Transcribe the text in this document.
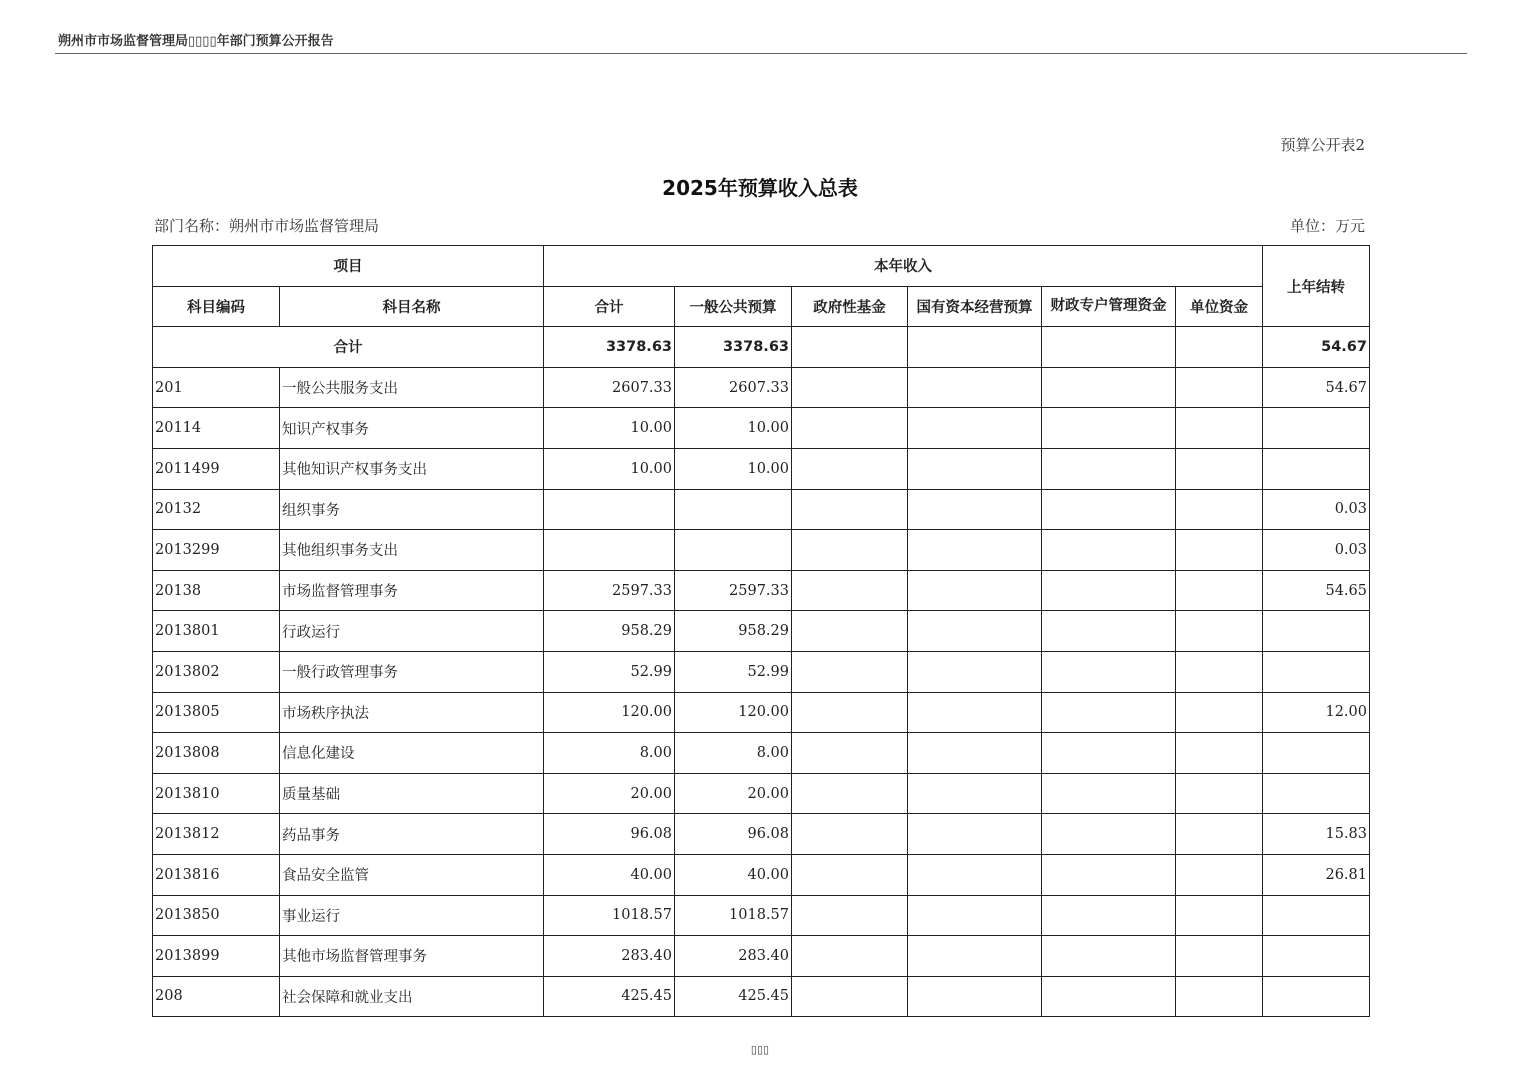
朔州市市场监督管理局▯▯▯▯年部门预算公开报告
预算公开表2
2025年预算收入总表
部门名称：朔州市市场监督管理局	单位：万元
项目		本年收入						上年结转
科目编码	科目名称	合计	一般公共预算	政府性基金	国有资本经营预算	财政专户管理资金	单位资金	
合计		3378.63	3378.63					54.67
201	一般公共服务支出	2607.33	2607.33					54.67
20114	知识产权事务	10.00	10.00					
2011499	其他知识产权事务支出	10.00	10.00					
20132	组织事务							0.03
2013299	其他组织事务支出							0.03
20138	市场监督管理事务	2597.33	2597.33					54.65
2013801	行政运行	958.29	958.29					
2013802	一般行政管理事务	52.99	52.99					
2013805	市场秩序执法	120.00	120.00					12.00
2013808	信息化建设	8.00	8.00					
2013810	质量基础	20.00	20.00					
2013812	药品事务	96.08	96.08					15.83
2013816	食品安全监管	40.00	40.00					26.81
2013850	事业运行	1018.57	1018.57					
2013899	其他市场监督管理事务	283.40	283.40					
208	社会保障和就业支出	425.45	425.45					
▯▯▯
